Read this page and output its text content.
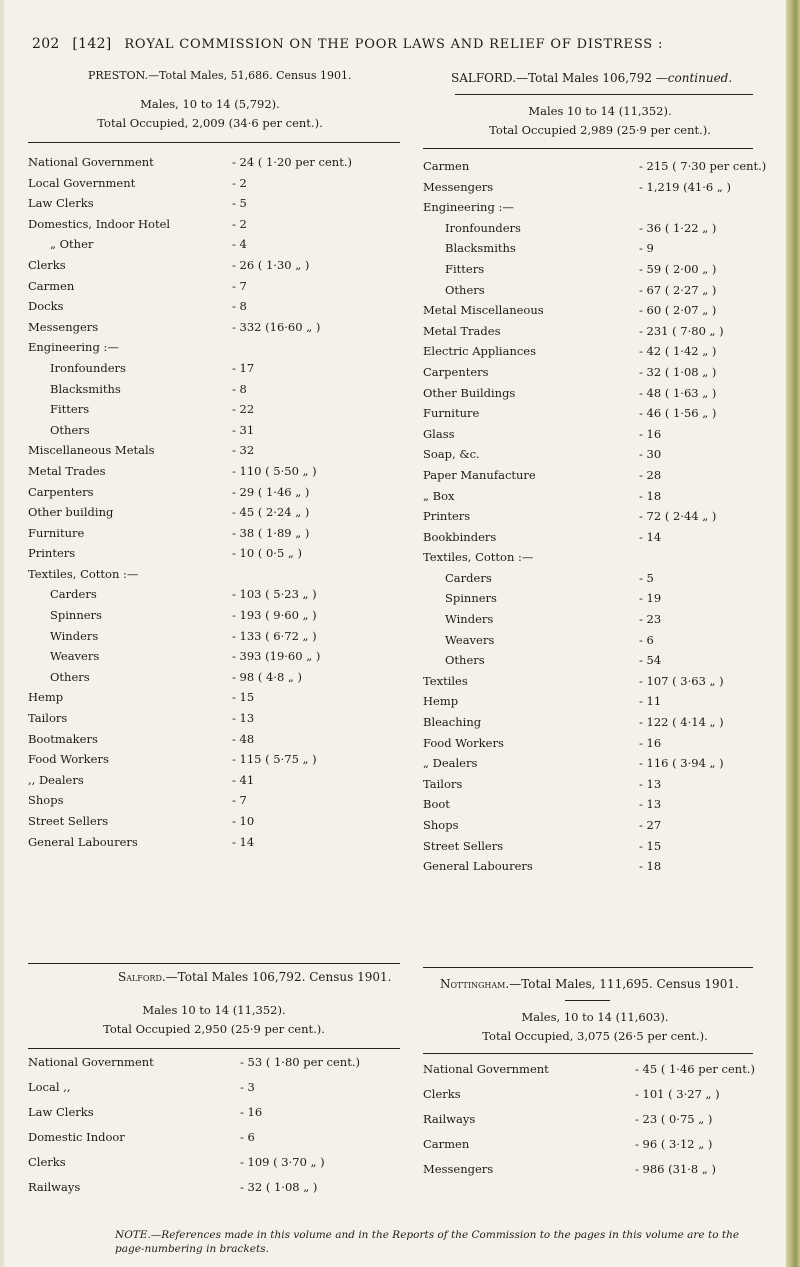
202 [142] ROYAL COMMISSION ON THE POOR LAWS AND RELIEF OF DISTRESS :
PRESTON.—Total Males, 51,686. Census 1901.
Males, 10 to 14 (5,792).
Total Occupied, 2,009 (34·6 per cent.).
SALFORD.—Total Males 106,792 —continued.
Males 10 to 14 (11,352).
Total Occupied 2,989 (25·9 per cent.).
National Government	- 24 ( 1·20 per cent.)
Local Government	- 2
Law Clerks	- 5
Domestics, Indoor Hotel	- 2
„ Other	- 4
Clerks	- 26 ( 1·30 „ )
Carmen	- 7
Docks	- 8
Messengers	- 332 (16·60 „ )
Engineering :—
Ironfounders	- 17
Blacksmiths	- 8
Fitters	- 22
Others	- 31
Miscellaneous Metals	- 32
Metal Trades	- 110 ( 5·50 „ )
Carpenters	- 29 ( 1·46 „ )
Other building	- 45 ( 2·24 „ )
Furniture	- 38 ( 1·89 „ )
Printers	- 10 ( 0·5 „ )
Textiles, Cotton :—
Carders	- 103 ( 5·23 „ )
Spinners	- 193 ( 9·60 „ )
Winders	- 133 ( 6·72 „ )
Weavers	- 393 (19·60 „ )
Others	- 98 ( 4·8 „ )
Hemp	- 15
Tailors	- 13
Bootmakers	- 48
Food Workers	- 115 ( 5·75 „ )
,, Dealers	- 41
Shops	- 7
Street Sellers	- 10
General Labourers	- 14
Carmen	- 215 ( 7·30 per cent.)
Messengers	- 1,219 (41·6 „ )
Engineering :—
Ironfounders	- 36 ( 1·22 „ )
Blacksmiths	- 9
Fitters	- 59 ( 2·00 „ )
Others	- 67 ( 2·27 „ )
Metal Miscellaneous	- 60 ( 2·07 „ )
Metal Trades	- 231 ( 7·80 „ )
Electric Appliances	- 42 ( 1·42 „ )
Carpenters	- 32 ( 1·08 „ )
Other Buildings	- 48 ( 1·63 „ )
Furniture	- 46 ( 1·56 „ )
Glass	- 16
Soap, &c.	- 30
Paper Manufacture	- 28
„ Box	- 18
Printers	- 72 ( 2·44 „ )
Bookbinders	- 14
Textiles, Cotton :—
Carders	- 5
Spinners	- 19
Winders	- 23
Weavers	- 6
Others	- 54
Textiles	- 107 ( 3·63 „ )
Hemp	- 11
Bleaching	- 122 ( 4·14 „ )
Food Workers	- 16
„ Dealers	- 116 ( 3·94 „ )
Tailors	- 13
Boot	- 13
Shops	- 27
Street Sellers	- 15
General Labourers	- 18
Salford.—Total Males 106,792. Census 1901.
Males 10 to 14 (11,352).
Total Occupied 2,950 (25·9 per cent.).
National Government	- 53 ( 1·80 per cent.)
Local ,,	- 3
Law Clerks	- 16
Domestic Indoor	- 6
Clerks	- 109 ( 3·70 „ )
Railways	- 32 ( 1·08 „ )
Nottingham.—Total Males, 111,695. Census 1901.
Males, 10 to 14 (11,603).
Total Occupied, 3,075 (26·5 per cent.).
National Government	- 45 ( 1·46 per cent.)
Clerks	- 101 ( 3·27 „ )
Railways	- 23 ( 0·75 „ )
Carmen	- 96 ( 3·12 „ )
Messengers	- 986 (31·8 „ )
NOTE.—References made in this volume and in the Reports of the Commission to the pages in this volume are to the page-numbering in brackets.
